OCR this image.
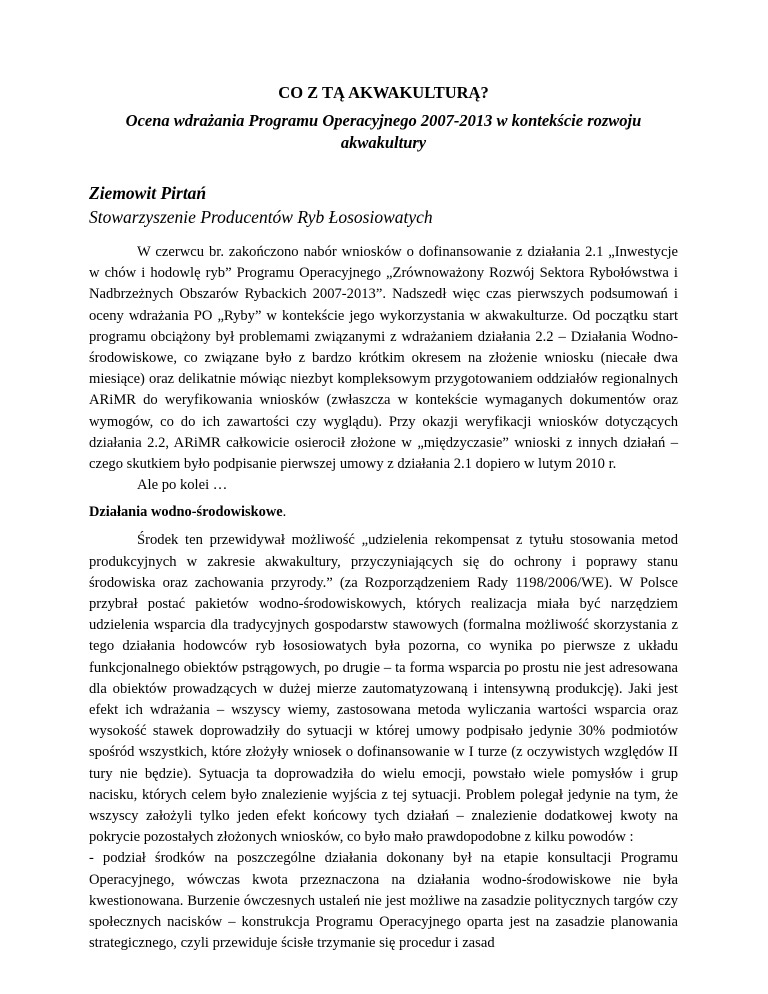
CO Z TĄ AKWAKULTURĄ?
Ocena wdrażania Programu Operacyjnego 2007-2013 w kontekście rozwoju akwakultury
Ziemowit Pirtań
Stowarzyszenie Producentów Ryb Łososiowatych

W czerwcu br. zakończono nabór wniosków o dofinansowanie z działania 2.1 „Inwestycje w chów i hodowlę ryb” Programu Operacyjnego „Zrównoważony Rozwój Sektora Rybołówstwa i Nadbrzeżnych Obszarów Rybackich 2007-2013”. Nadszedł więc czas pierwszych podsumowań i oceny wdrażania PO „Ryby” w kontekście jego wykorzystania w akwakulturze. Od początku start programu obciążony był problemami związanymi z wdrażaniem działania 2.2 – Działania Wodno-środowiskowe, co związane było z bardzo krótkim okresem na złożenie wniosku (niecałe dwa miesiące) oraz delikatnie mówiąc niezbyt kompleksowym przygotowaniem oddziałów regionalnych ARiMR do weryfikowania wniosków (zwłaszcza w kontekście wymaganych dokumentów oraz wymogów, co do ich zawartości czy wyglądu). Przy okazji weryfikacji wniosków dotyczących działania 2.2, ARiMR całkowicie osierocił złożone w „międzyczasie” wnioski z innych działań – czego skutkiem było podpisanie pierwszej umowy z działania 2.1 dopiero w lutym 2010 r.

Ale po kolei …

Działania wodno-środowiskowe.

Środek ten przewidywał możliwość „udzielenia rekompensat z tytułu stosowania metod produkcyjnych w zakresie akwakultury, przyczyniających się do ochrony i poprawy stanu środowiska oraz zachowania przyrody.” (za Rozporządzeniem Rady 1198/2006/WE). W Polsce przybrał postać pakietów wodno-środowiskowych, których realizacja miała być narzędziem udzielenia wsparcia dla tradycyjnych gospodarstw stawowych (formalna możliwość skorzystania z tego działania hodowców ryb łososiowatych była pozorna, co wynika po pierwsze z układu funkcjonalnego obiektów pstrągowych, po drugie – ta forma wsparcia po prostu nie jest adresowana dla obiektów prowadzących w dużej mierze zautomatyzowaną i intensywną produkcję). Jaki jest efekt ich wdrażania – wszyscy wiemy, zastosowana metoda wyliczania wartości wsparcia oraz wysokość stawek doprowadziły do sytuacji w której umowy podpisało jedynie 30% podmiotów spośród wszystkich, które złożyły wniosek o dofinansowanie w I turze (z oczywistych względów II tury nie będzie). Sytuacja ta doprowadziła do wielu emocji, powstało wiele pomysłów i grup nacisku, których celem było znalezienie wyjścia z tej sytuacji. Problem polegał jedynie na tym, że wszyscy założyli tylko jeden efekt końcowy tych działań – znalezienie dodatkowej kwoty na pokrycie pozostałych złożonych wniosków, co było mało prawdopodobne z kilku powodów :

- podział środków na poszczególne działania dokonany był na etapie konsultacji Programu Operacyjnego, wówczas kwota przeznaczona na działania wodno-środowiskowe nie była kwestionowana. Burzenie ówczesnych ustaleń nie jest możliwe na zasadzie politycznych targów czy społecznych nacisków – konstrukcja Programu Operacyjnego oparta jest na zasadzie planowania strategicznego, czyli przewiduje ścisłe trzymanie się procedur i zasad
